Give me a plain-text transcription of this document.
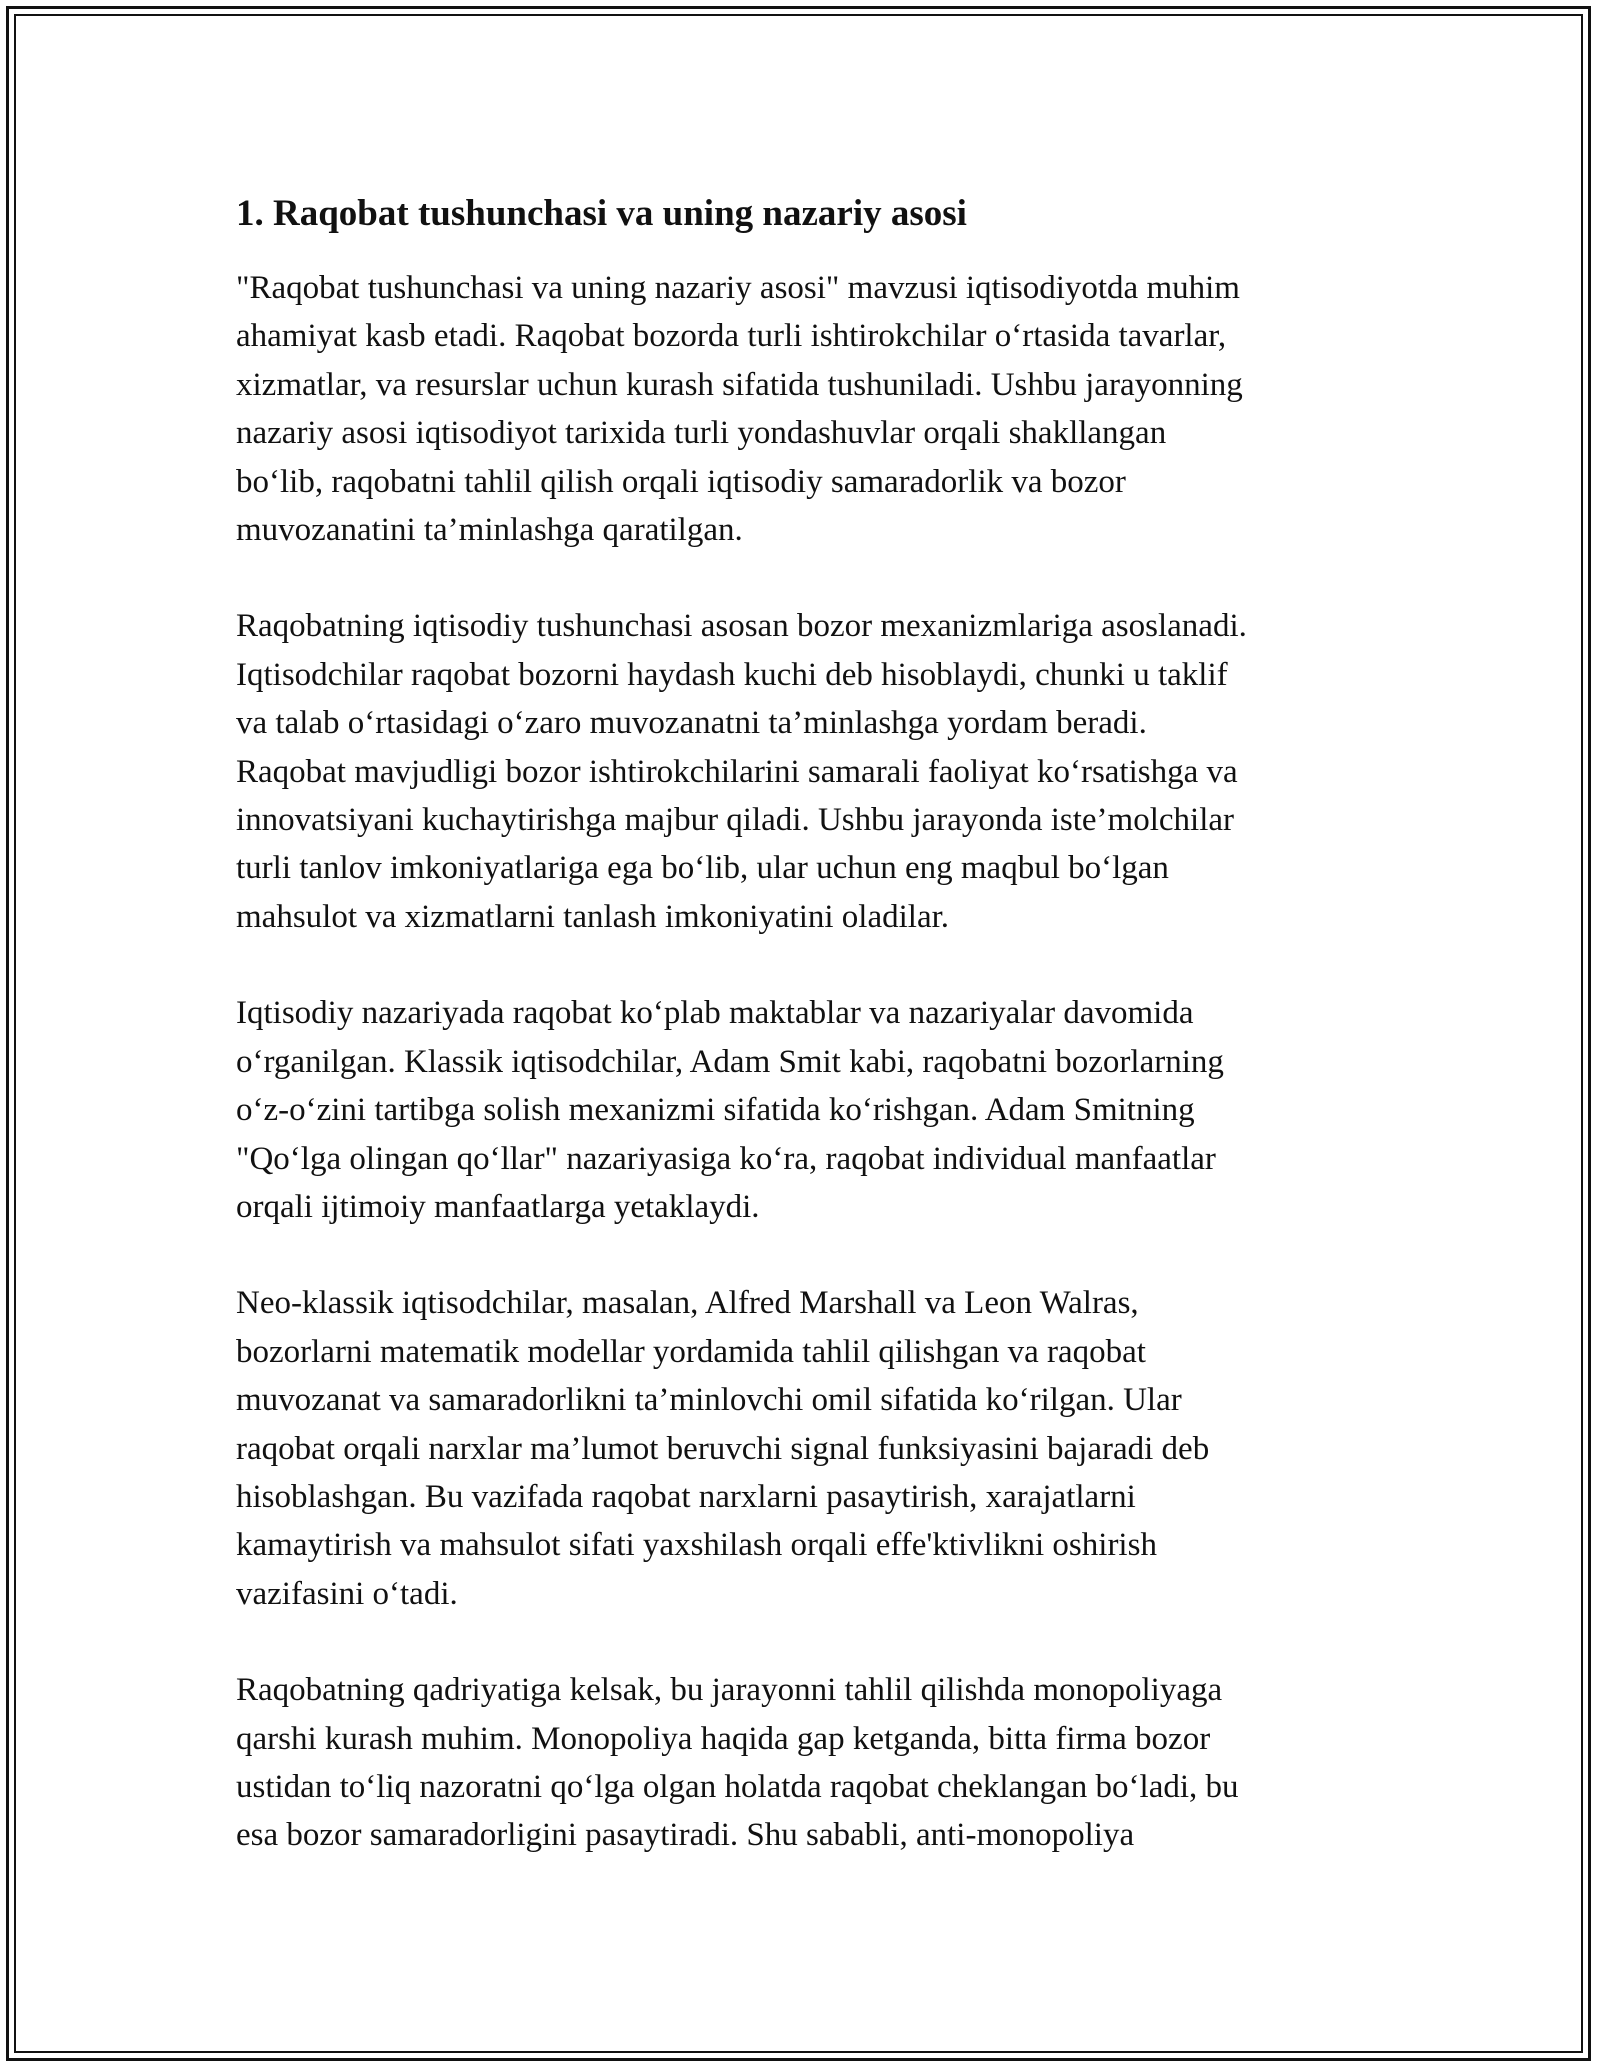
1. Raqobat tushunchasi va uning nazariy asosi

"Raqobat tushunchasi va uning nazariy asosi" mavzusi iqtisodiyotda muhim
ahamiyat kasb etadi. Raqobat bozorda turli ishtirokchilar o‘rtasida tavarlar,
xizmatlar, va resurslar uchun kurash sifatida tushuniladi. Ushbu jarayonning
nazariy asosi iqtisodiyot tarixida turli yondashuvlar orqali shakllangan
bo‘lib, raqobatni tahlil qilish orqali iqtisodiy samaradorlik va bozor
muvozanatini ta’minlashga qaratilgan.

Raqobatning iqtisodiy tushunchasi asosan bozor mexanizmlariga asoslanadi.
Iqtisodchilar raqobat bozorni haydash kuchi deb hisoblaydi, chunki u taklif
va talab o‘rtasidagi o‘zaro muvozanatni ta’minlashga yordam beradi.
Raqobat mavjudligi bozor ishtirokchilarini samarali faoliyat ko‘rsatishga va
innovatsiyani kuchaytirishga majbur qiladi. Ushbu jarayonda iste’molchilar
turli tanlov imkoniyatlariga ega bo‘lib, ular uchun eng maqbul bo‘lgan
mahsulot va xizmatlarni tanlash imkoniyatini oladilar.

Iqtisodiy nazariyada raqobat ko‘plab maktablar va nazariyalar davomida
o‘rganilgan. Klassik iqtisodchilar, Adam Smit kabi, raqobatni bozorlarning
o‘z-o‘zini tartibga solish mexanizmi sifatida ko‘rishgan. Adam Smitning
"Qo‘lga olingan qo‘llar" nazariyasiga ko‘ra, raqobat individual manfaatlar
orqali ijtimoiy manfaatlarga yetaklaydi.

Neo-klassik iqtisodchilar, masalan, Alfred Marshall va Leon Walras,
bozorlarni matematik modellar yordamida tahlil qilishgan va raqobat
muvozanat va samaradorlikni ta’minlovchi omil sifatida ko‘rilgan. Ular
raqobat orqali narxlar ma’lumot beruvchi signal funksiyasini bajaradi deb
hisoblashgan. Bu vazifada raqobat narxlarni pasaytirish, xarajatlarni
kamaytirish va mahsulot sifati yaxshilash orqali effe'ktivlikni oshirish
vazifasini o‘tadi.

Raqobatning qadriyatiga kelsak, bu jarayonni tahlil qilishda monopoliyaga
qarshi kurash muhim. Monopoliya haqida gap ketganda, bitta firma bozor
ustidan to‘liq nazoratni qo‘lga olgan holatda raqobat cheklangan bo‘ladi, bu
esa bozor samaradorligini pasaytiradi. Shu sababli, anti-monopoliya
